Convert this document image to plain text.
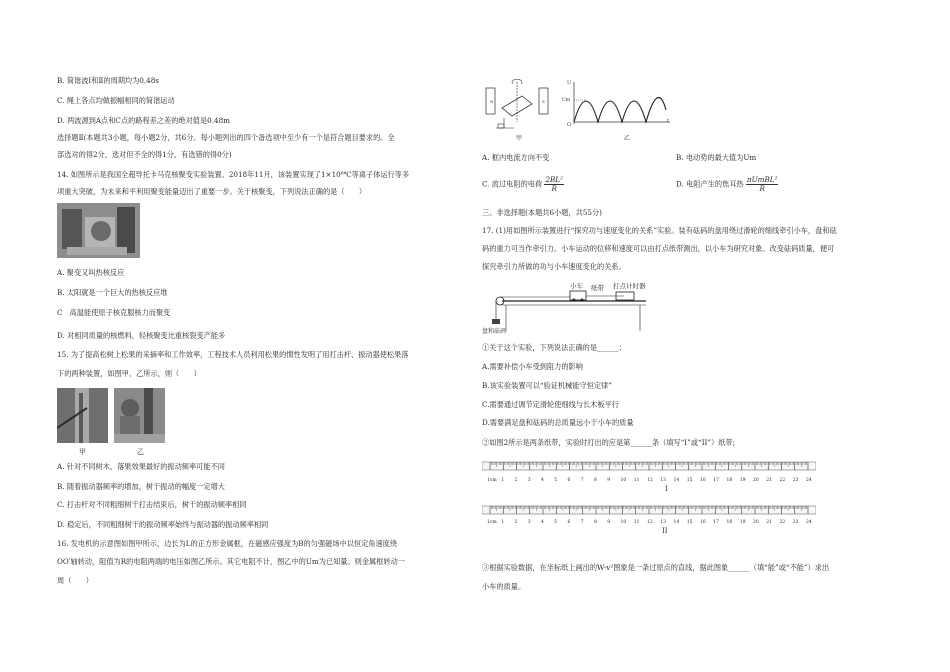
B. 简谐波Ⅰ和Ⅱ的周期均为0.48s
C. 绳上各点均做振幅相同的简谐运动
D. 两波源到A点和C点的路程差之差的绝对值是0.48m
选择题Ⅱ(本题共3小题，每小题2分，共6分。每小题列出的四个备选项中至少有一个是符合题目要求的。全
部选对的得2分，选对但不全的得1分，有选错的得0分)
14. 如图所示是我国全超导托卡马克核聚变实验装置。2018年11月，该装置实现了1×10⁸℃等离子体运行等多
项重大突破，为未来和平利用聚变能量迈出了重要一步。关于核聚变，下列说法正确的是（　　）
A. 聚变又叫热核反应
B. 太阳就是一个巨大的热核反应堆
C　高温能使原子核克服核力而聚变
D. 对相同质量的核燃料，轻核聚变比重核裂变产能多
15. 为了提高松树上松果的采摘率和工作效率，工程技术人员利用松果的惯性发明了用打击杆、振动器使松果落
下的两种装置，如图甲、乙所示，则（　　）
甲	乙
A. 针对不同树木，落果效果最好的振动频率可能不同
B. 随着振动器频率的增加，树干振动的幅度一定增大
C. 打击杆对不同粗细树干打击结束后，树干的振动频率相同
D. 稳定后，不同粗细树干的振动频率始终与振动器的振动频率相同
16. 发电机的示意图如图甲所示，边长为L的正方形金属框，在磁感应强度为B的匀强磁场中以恒定角速度绕
OO′轴转动，阻值为R的电阻两端的电压如图乙所示。其它电阻不计，图乙中的Um为已知量。则金属框转动一
周（　　）
N	S
甲
U
Um
O
t
乙
A. 框内电流方向不变	B. 电动势的最大值为Um
C. 流过电阻的电荷 $\frac{\text{2BL²}}{R}$	D. 电阻产生的焦耳热 $\frac{\text{πUmBL²}}{R}$
三、非选择题(本题共6小题，共55分)
17. (1)用如图所示装置进行“探究功与速度变化的关系”实验。装有砝码的盘用绕过滑轮的细线牵引小车，盘和砝
码的重力可当作牵引力。小车运动的位移和速度可以由打点纸带测出，以小车为研究对象。改变砝码质量，便可
探究牵引力所做的功与小车速度变化的关系。
小车 纸带 打点计时器
盘和砝码
①关于这个实验，下列说法正确的是______；
A.需要补偿小车受到阻力的影响
B.该实验装置可以“验证机械能守恒定律”
C.需要通过调节定滑轮使细线与长木板平行
D.需要满足盘和砝码的总质量远小于小车的质量
②如图2所示是两条纸带，实验时打出的应是第______条（填写“I”或“II”）纸带;
1cm 1 2 3 4 5 6 7 8 9 10 11 12 13 14 15 16 17 18 19 20 21 22 23 24
I
1cm 1 2 3 4 5 6 7 8 9 10 11 12 13 14 15 16 17 18 19 20 21 22 23 24
II
③根据实验数据，在坐标纸上画出的W-v²图象是一条过原点的直线，据此图象______（填“能”或“不能”）求出
小车的质量。
